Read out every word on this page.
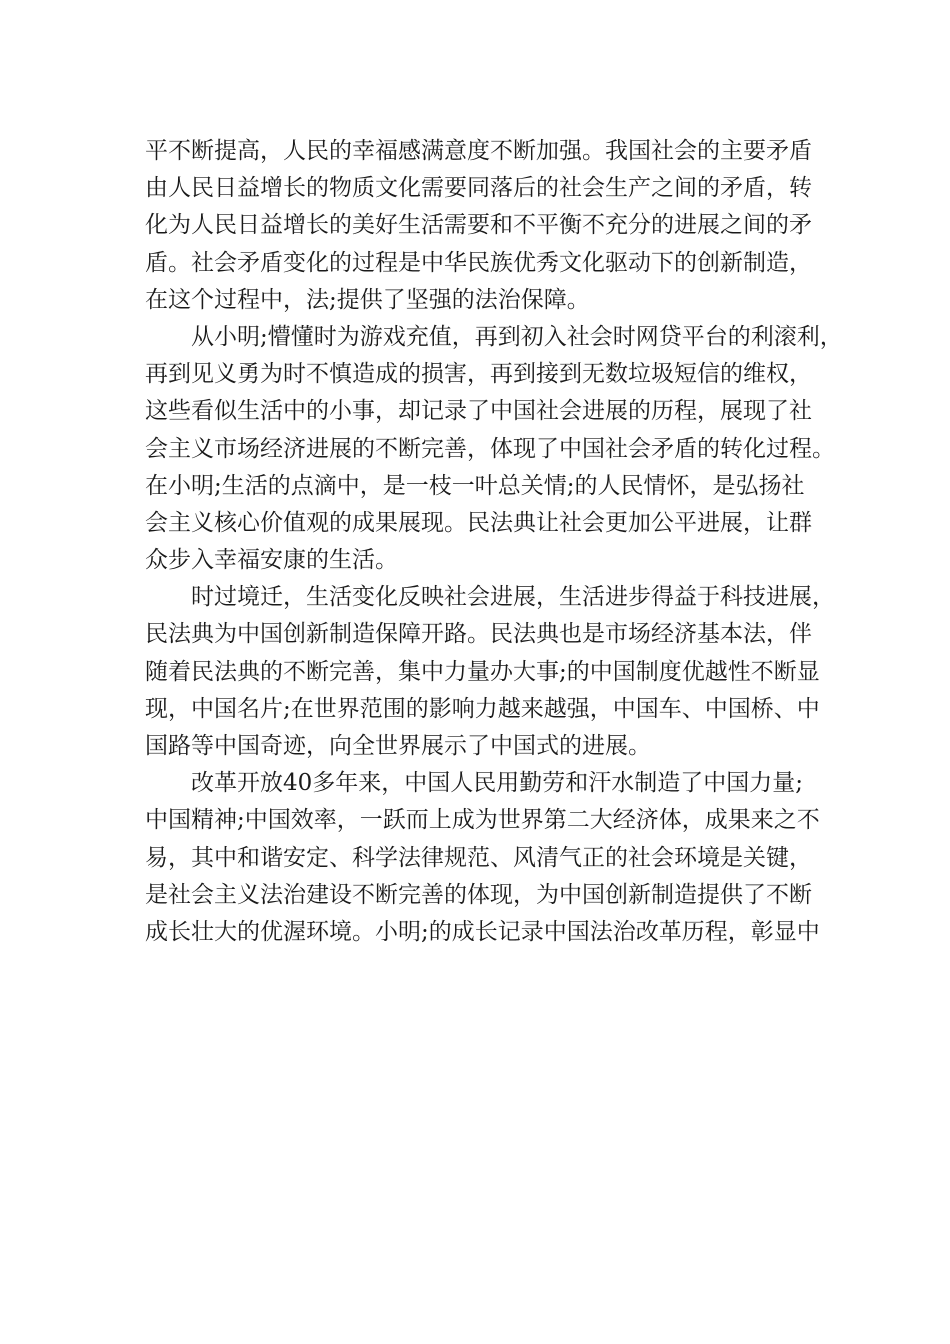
平不断提高，人民的幸福感满意度不断加强。我国社会的主要矛盾
由人民日益增长的物质文化需要同落后的社会生产之间的矛盾，转
化为人民日益增长的美好生活需要和不平衡不充分的进展之间的矛
盾。社会矛盾变化的过程是中华民族优秀文化驱动下的创新制造，
在这个过程中，法;提供了坚强的法治保障。
从小明;懵懂时为游戏充值，再到初入社会时网贷平台的利滚利，
再到见义勇为时不慎造成的损害，再到接到无数垃圾短信的维权，
这些看似生活中的小事，却记录了中国社会进展的历程，展现了社
会主义市场经济进展的不断完善，体现了中国社会矛盾的转化过程。
在小明;生活的点滴中，是一枝一叶总关情;的人民情怀，是弘扬社
会主义核心价值观的成果展现。民法典让社会更加公平进展，让群
众步入幸福安康的生活。
时过境迁，生活变化反映社会进展，生活进步得益于科技进展，
民法典为中国创新制造保障开路。民法典也是市场经济基本法，伴
随着民法典的不断完善，集中力量办大事;的中国制度优越性不断显
现，中国名片;在世界范围的影响力越来越强，中国车、中国桥、中
国路等中国奇迹，向全世界展示了中国式的进展。
改革开放40多年来，中国人民用勤劳和汗水制造了中国力量;
中国精神;中国效率，一跃而上成为世界第二大经济体，成果来之不
易，其中和谐安定、科学法律规范、风清气正的社会环境是关键，
是社会主义法治建设不断完善的体现，为中国创新制造提供了不断
成长壮大的优渥环境。小明;的成长记录中国法治改革历程，彰显中
